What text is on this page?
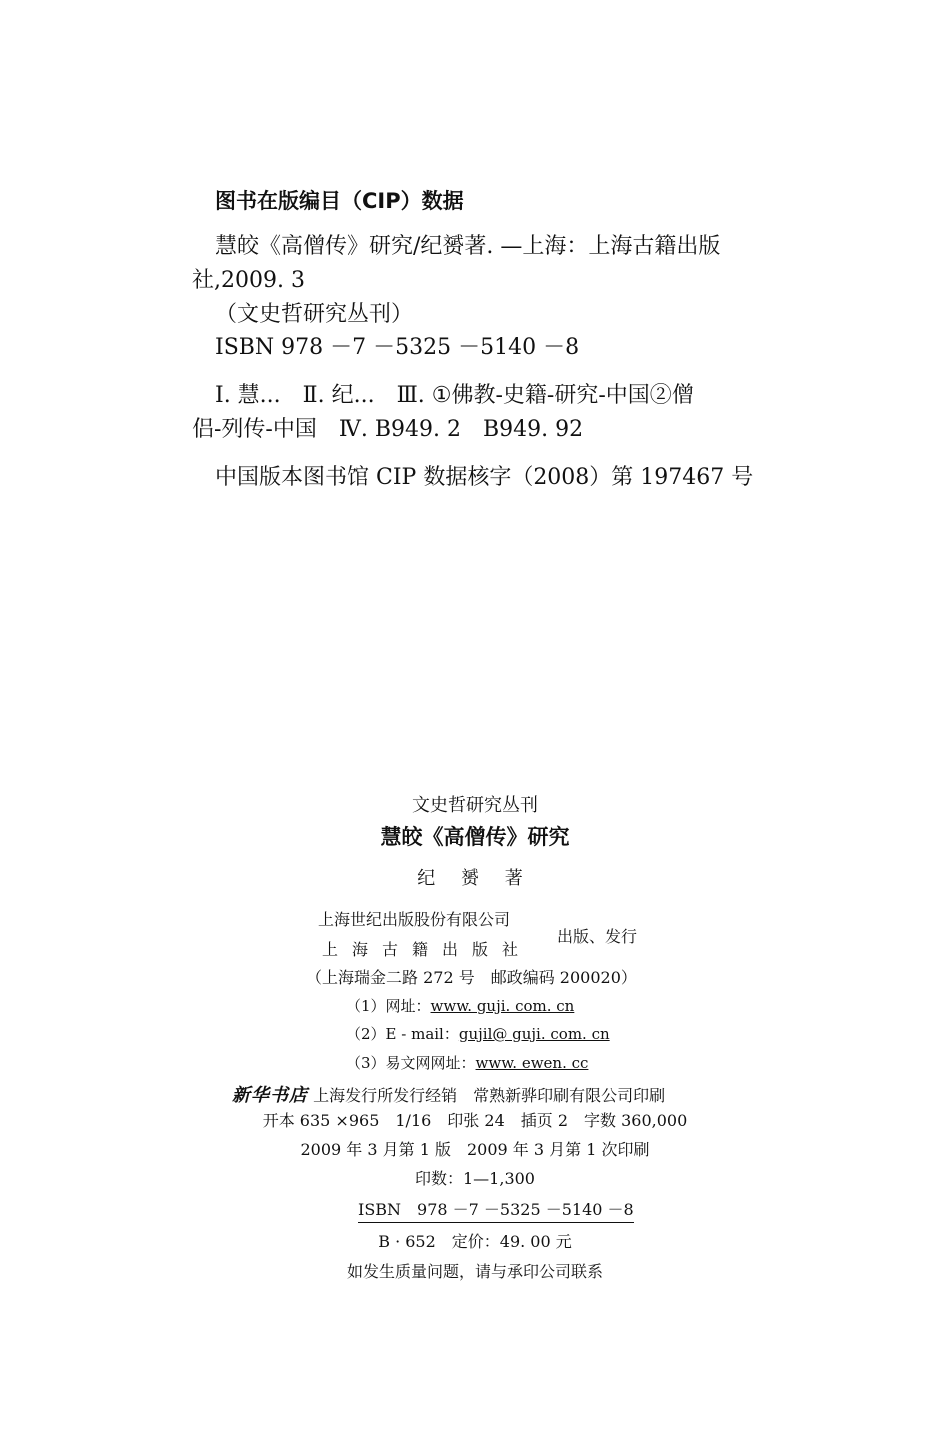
图书在版编目（CIP）数据
慧皎《高僧传》研究/纪赟著. —上海：上海古籍出版
社,2009. 3
（文史哲研究丛刊）
ISBN 978 －7 －5325 －5140 －8
Ⅰ. 慧...　Ⅱ. 纪...　Ⅲ. ①佛教-史籍-研究-中国②僧
侣-列传-中国　Ⅳ. B949. 2　B949. 92
中国版本图书馆 CIP 数据核字（2008）第 197467 号
文史哲研究丛刊
慧皎《高僧传》研究
纪 赟 著
上海世纪出版股份有限公司
上海古籍出版社
出版、发行
（上海瑞金二路 272 号　邮政编码 200020）
（1）网址：www. guji. com. cn
（2）E - mail：gujil@ guji. com. cn
（3）易文网网址：www. ewen. cc
新华书店 上海发行所发行经销　常熟新骅印刷有限公司印刷
开本 635 ×965　1/16　印张 24　插页 2　字数 360,000
2009 年 3 月第 1 版　2009 年 3 月第 1 次印刷
印数：1—1,300
ISBN　978 －7 －5325 －5140 －8
B · 652　定价：49. 00 元
如发生质量问题，请与承印公司联系
